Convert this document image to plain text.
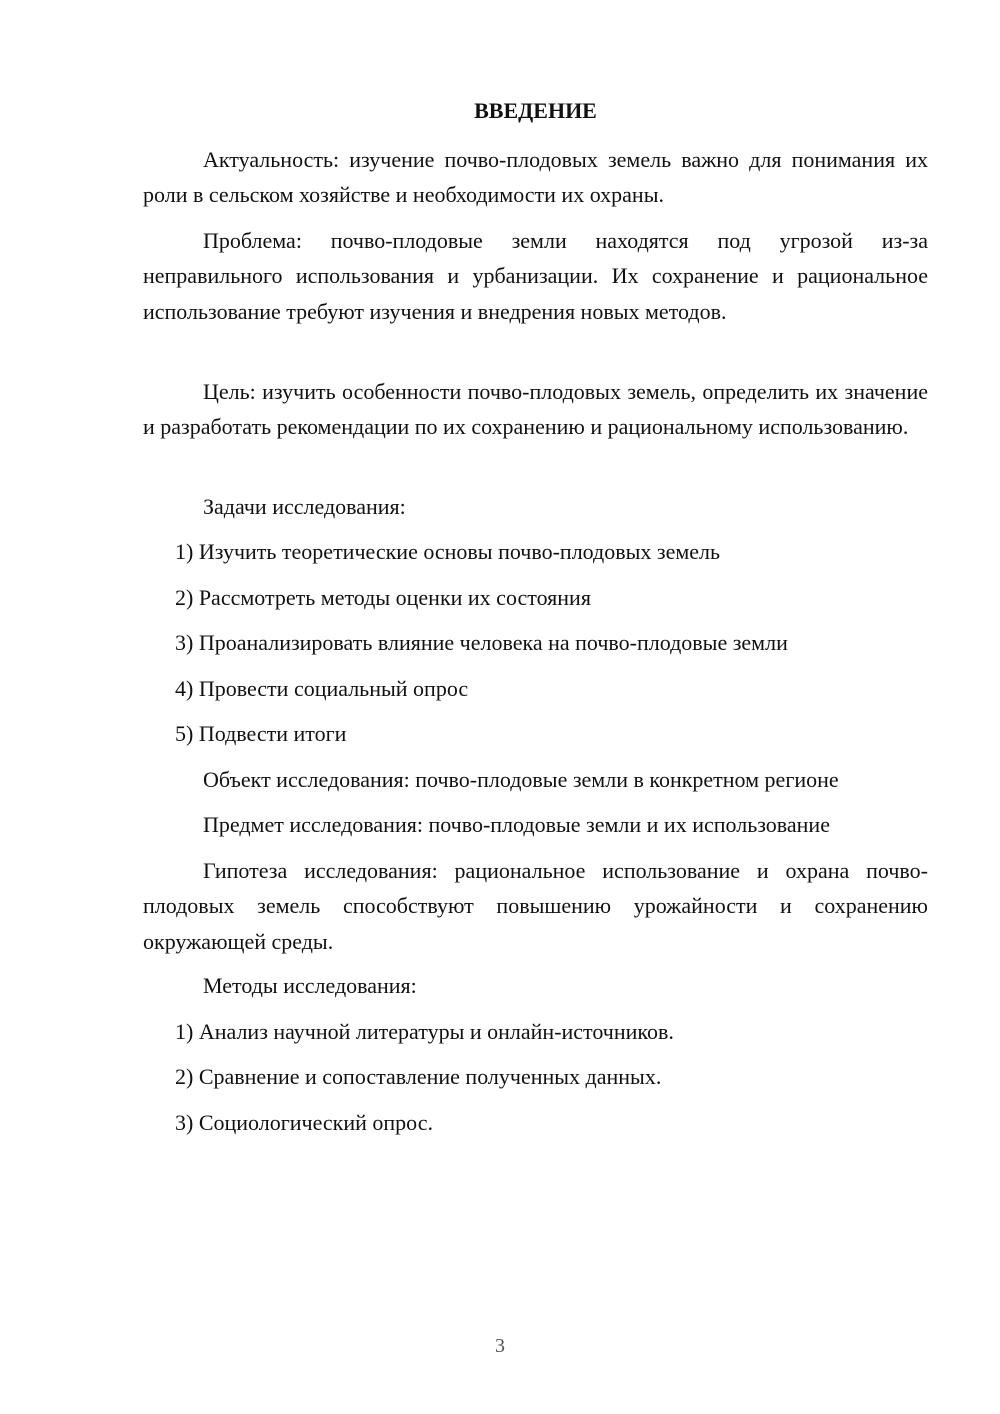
ВВЕДЕНИЕ

Актуальность: изучение почво-плодовых земель важно для понимания их роли в сельском хозяйстве и необходимости их охраны.

Проблема: почво-плодовые земли находятся под угрозой из-за неправильного использования и урбанизации. Их сохранение и рациональное использование требуют изучения и внедрения новых методов.

Цель: изучить особенности почво-плодовых земель, определить их значение и разработать рекомендации по их сохранению и рациональному использованию.

Задачи исследования:

1) Изучить теоретические основы почво-плодовых земель

2) Рассмотреть методы оценки их состояния

3) Проанализировать влияние человека на почво-плодовые земли

4) Провести социальный опрос

5) Подвести итоги

Объект исследования: почво-плодовые земли в конкретном регионе

Предмет исследования: почво-плодовые земли и их использование

Гипотеза исследования: рациональное использование и охрана почво-плодовых земель способствуют повышению урожайности и сохранению окружающей среды.

Методы исследования:

1) Анализ научной литературы и онлайн-источников.

2) Сравнение и сопоставление полученных данных.

3) Социологический опрос.

3
